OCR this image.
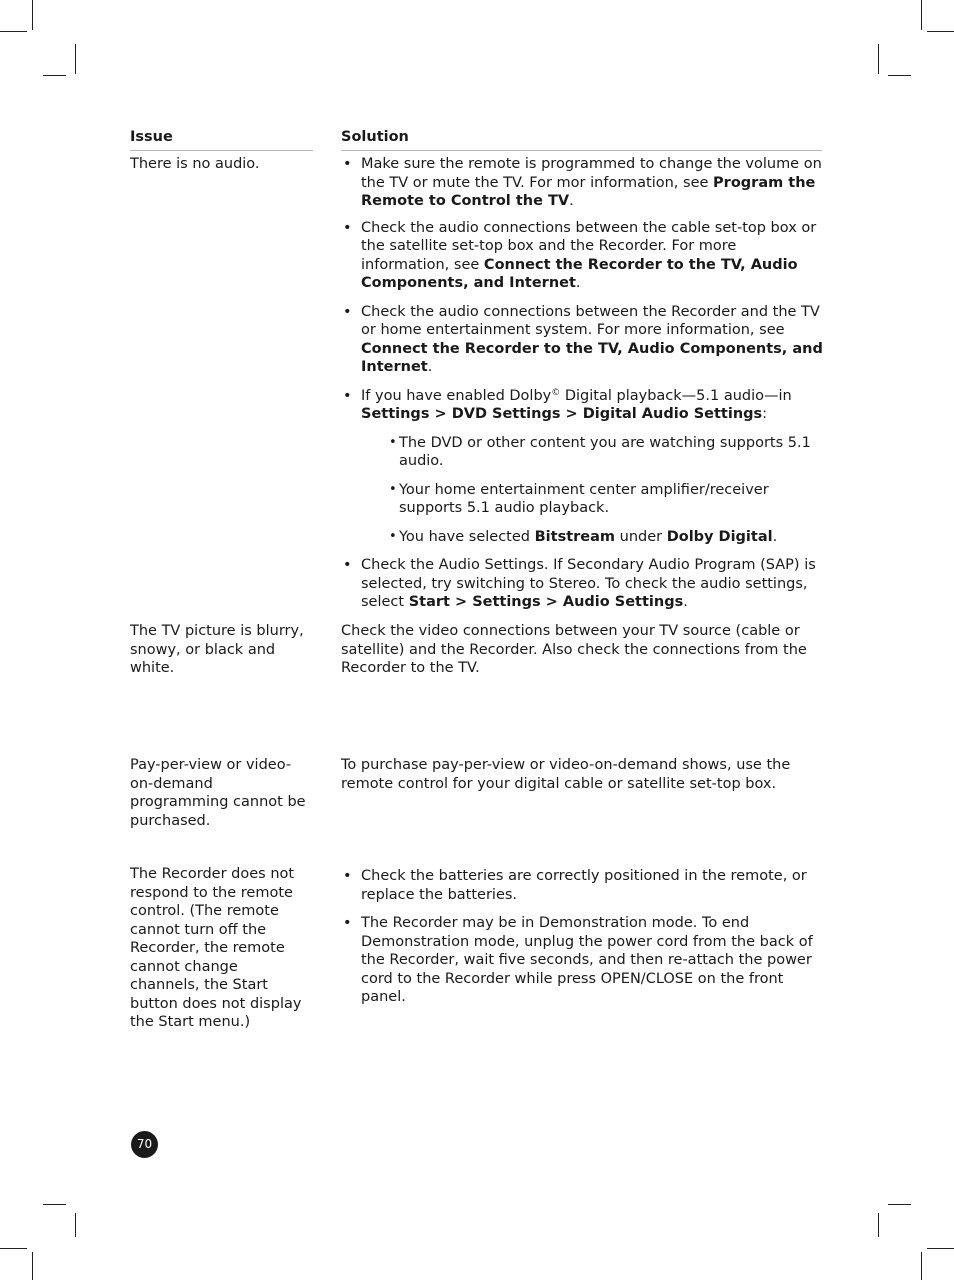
Issue	Solution
There is no audio.
•	Make sure the remote is programmed to change the volume on the TV or mute the TV. For mor information, see Program the Remote to Control the TV.
• Check the audio connections between the cable set-top box or the satellite set-top box and the Recorder. For more information, see Connect the Recorder to the TV, Audio Components, and Internet.
• Check the audio connections between the Recorder and the TV or home entertainment system. For more information, see Connect the Recorder to the TV, Audio Components, and Internet.
• If you have enabled Dolby© Digital playback—5.1 audio—in Settings > DVD Settings > Digital Audio Settings:
• The DVD or other content you are watching supports 5.1 audio.
• Your home entertainment center amplifier/receiver supports 5.1 audio playback.
• You have selected Bitstream under Dolby Digital.
• Check the Audio Settings. If Secondary Audio Program (SAP) is selected, try switching to Stereo. To check the audio settings, select Start > Settings > Audio Settings.
The TV picture is blurry, snowy, or black and white.
Check the video connections between your TV source (cable or satellite) and the Recorder. Also check the connections from the Recorder to the TV.
Pay-per-view or video-on-demand programming cannot be purchased.
To purchase pay-per-view or video-on-demand shows, use the remote control for your digital cable or satellite set-top box.
The Recorder does not respond to the remote control. (The remote cannot turn off the Recorder, the remote cannot change channels, the Start button does not display the Start menu.)
• Check the batteries are correctly positioned in the remote, or replace the batteries.
• The Recorder may be in Demonstration mode. To end Demonstration mode, unplug the power cord from the back of the Recorder, wait five seconds, and then re-attach the power cord to the Recorder while press OPEN/CLOSE on the front panel.
70
